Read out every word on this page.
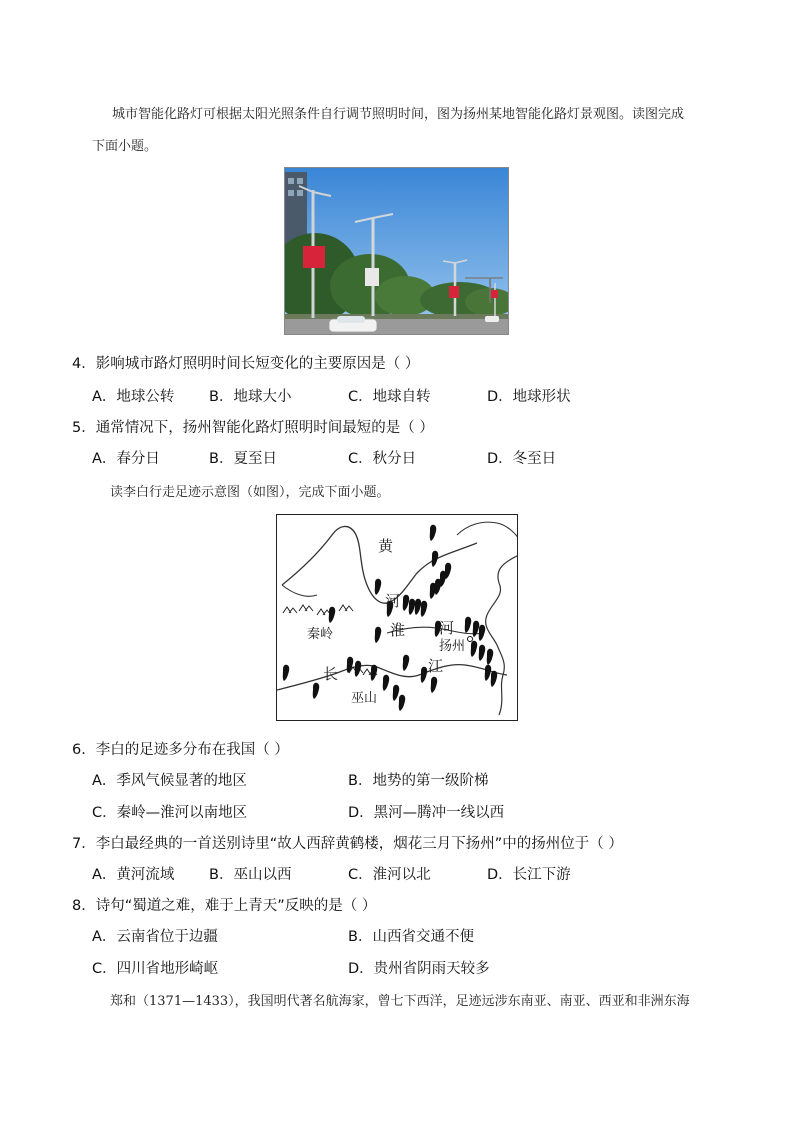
城市智能化路灯可根据太阳光照条件自行调节照明时间，图为扬州某地智能化路灯景观图。读图完成
下面小题。
4．影响城市路灯照明时间长短变化的主要原因是（ ）
A．地球公转 B．地球大小	C．地球自转	D．地球形状
5．通常情况下，扬州智能化路灯照明时间最短的是（ ）
A．春分日	B．夏至日	C．秋分日	D．冬至日
读李白行走足迹示意图（如图），完成下面小题。
黄
河
淮 河
秦岭
扬州
长	江
巫山
6．李白的足迹多分布在我国（ ）
A．季风气候显著的地区	B．地势的第一级阶梯
C．秦岭—淮河以南地区	D．黑河—腾冲一线以西
7．李白最经典的一首送别诗里“故人西辞黄鹤楼，烟花三月下扬州”中的扬州位于（ ）
A．黄河流域 B．巫山以西	C．淮河以北	D．长江下游
8．诗句“蜀道之难，难于上青天”反映的是（ ）
A．云南省位于边疆	B．山西省交通不便
C．四川省地形崎岖	D．贵州省阴雨天较多
郑和（1371—1433），我国明代著名航海家，曾七下西洋，足迹远涉东南亚、南亚、西亚和非洲东海
